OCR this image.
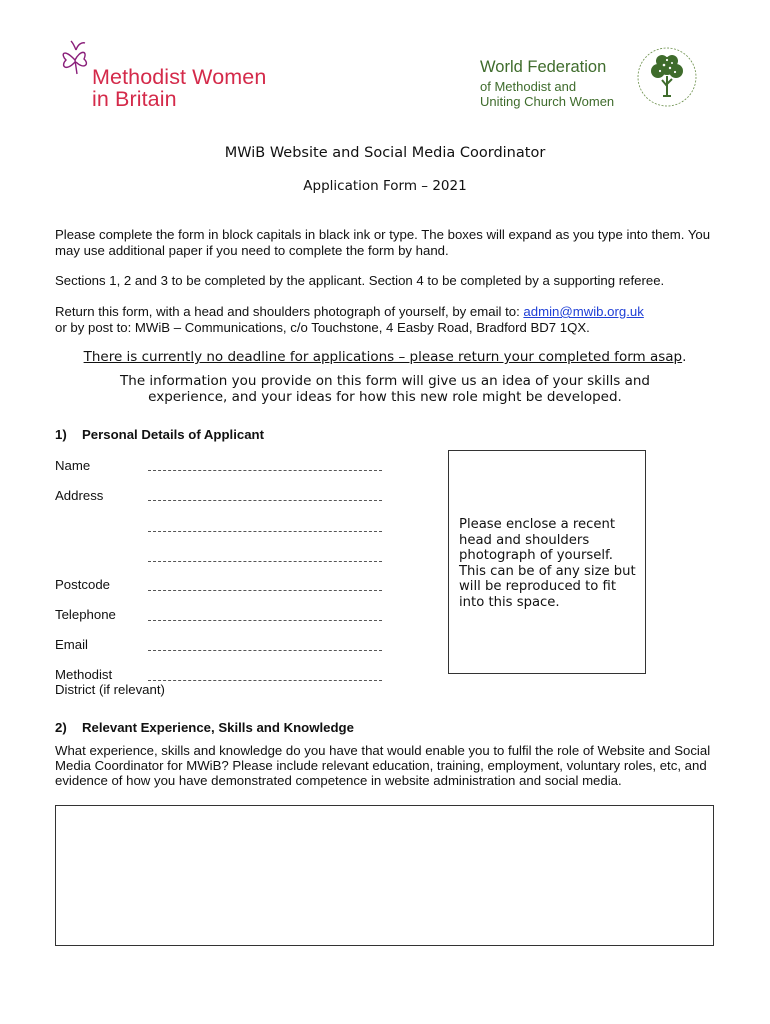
Methodist Women
in Britain
World Federation
of Methodist and
Uniting Church Women
MWiB Website and Social Media Coordinator
Application Form – 2021
Please complete the form in block capitals in black ink or type. The boxes will expand as you type into them. You may use additional paper if you need to complete the form by hand.
Sections 1, 2 and 3 to be completed by the applicant. Section 4 to be completed by a supporting referee.
Return this form, with a head and shoulders photograph of yourself, by email to: admin@mwib.org.uk
or by post to: MWiB – Communications, c/o Touchstone, 4 Easby Road, Bradford BD7 1QX.
There is currently no deadline for applications – please return your completed form asap.
The information you provide on this form will give us an idea of your skills and experience, and your ideas for how this new role might be developed.
1) Personal Details of Applicant
Name
Address
Postcode
Telephone
Email
Methodist
District (if relevant)
Please enclose a recent head and shoulders photograph of yourself. This can be of any size but will be reproduced to fit into this space.
2) Relevant Experience, Skills and Knowledge
What experience, skills and knowledge do you have that would enable you to fulfil the role of Website and Social Media Coordinator for MWiB? Please include relevant education, training, employment, voluntary roles, etc, and evidence of how you have demonstrated competence in website administration and social media.
